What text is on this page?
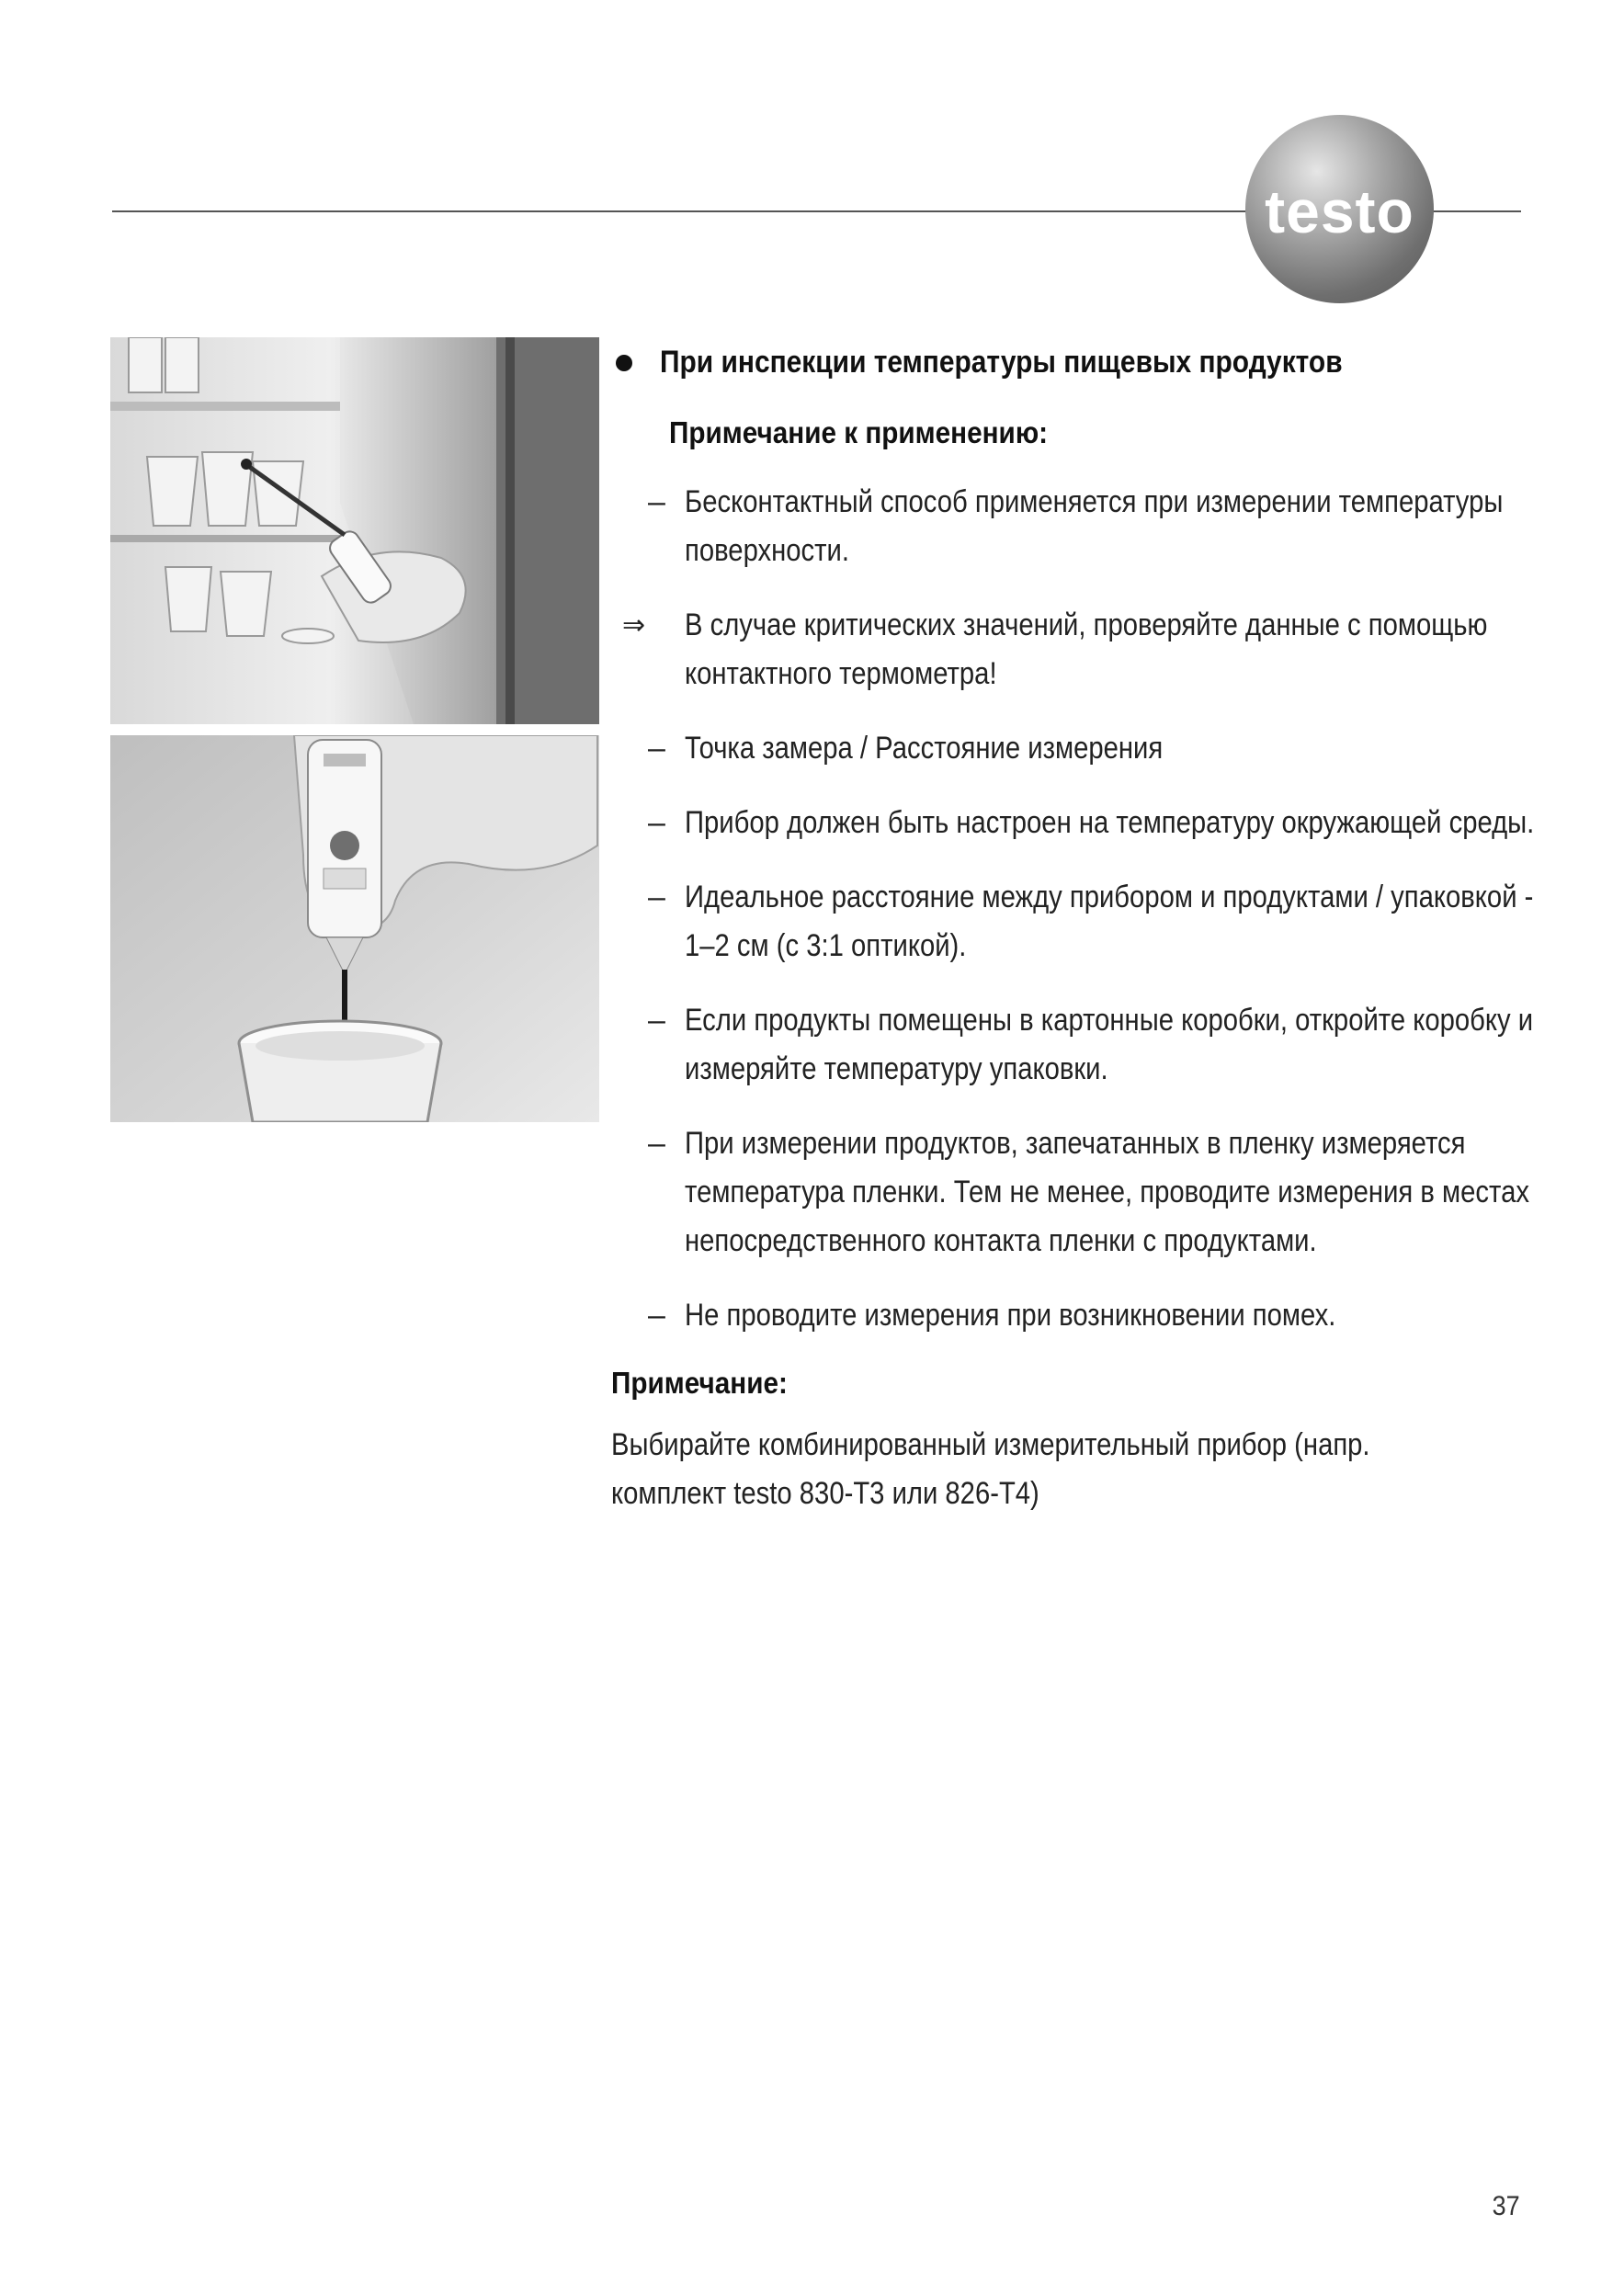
testo
При инспекции температуры пищевых продуктов
Примечание к применению:
– Бесконтактный способ применяется при измерении температуры поверхности.
⇒ В случае критических значений, проверяйте данные с помощью контактного термометра!
– Точка замера / Расстояние измерения
– Прибор должен быть настроен на температуру окружающей среды.
– Идеальное расстояние между прибором и продуктами / упаковкой - 1–2 см (с 3:1 оптикой).
– Если продукты помещены в картонные коробки, откройте коробку и измеряйте температуру упаковки.
– При измерении продуктов, запечатанных в пленку измеряется температура пленки. Тем не менее, проводите измерения в местах непосредственного контакта пленки с продуктами.
– Не проводите измерения при возникновении помех.
Примечание:
Выбирайте комбинированный измерительный прибор (напр. комплект testo 830-T3 или 826-T4)
37
